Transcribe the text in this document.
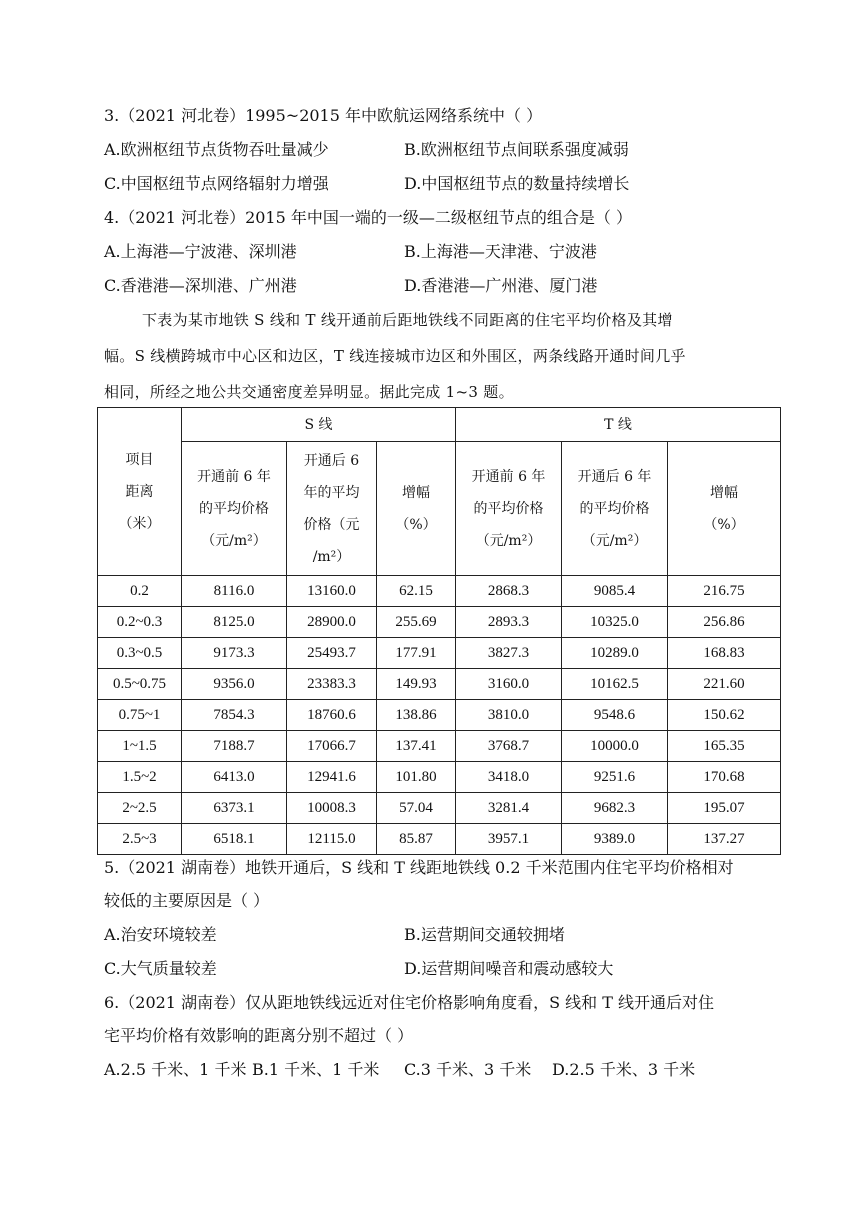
3.（2021 河北卷）1995~2015 年中欧航运网络系统中（ ）
A.欧洲枢纽节点货物吞吐量减少	B.欧洲枢纽节点间联系强度减弱
C.中国枢纽节点网络辐射力增强	D.中国枢纽节点的数量持续增长
4.（2021 河北卷）2015 年中国一端的一级—二级枢纽节点的组合是（ ）
A.上海港—宁波港、深圳港	B.上海港—天津港、宁波港
C.香港港—深圳港、广州港	D.香港港—广州港、厦门港

下表为某市地铁 S 线和 T 线开通前后距地铁线不同距离的住宅平均价格及其增

幅。S 线横跨城市中心区和边区，T 线连接城市边区和外围区，两条线路开通时间几乎

相同，所经之地公共交通密度差异明显。据此完成 1~3 题。

项目
距离
（米）	S 线			T 线		

	开通前 6 年
的平均价格
（元/m²）	开通后 6
年的平均
价格（元
/m²）	增幅
（%）	开通前 6 年
的平均价格
（元/m²）	开通后 6 年
的平均价格
（元/m²）	增幅
（%）

0.2	8116.0	13160.0	62.15	2868.3	9085.4	216.75
0.2~0.3	8125.0	28900.0	255.69	2893.3	10325.0	256.86
0.3~0.5	9173.3	25493.7	177.91	3827.3	10289.0	168.83
0.5~0.75	9356.0	23383.3	149.93	3160.0	10162.5	221.60
0.75~1	7854.3	18760.6	138.86	3810.0	9548.6	150.62
1~1.5	7188.7	17066.7	137.41	3768.7	10000.0	165.35
1.5~2	6413.0	12941.6	101.80	3418.0	9251.6	170.68
2~2.5	6373.1	10008.3	57.04	3281.4	9682.3	195.07
2.5~3	6518.1	12115.0	85.87	3957.1	9389.0	137.27
5.（2021 湖南卷）地铁开通后，S 线和 T 线距地铁线 0.2 千米范围内住宅平均价格相对
较低的主要原因是（ ）
A.治安环境较差	B.运营期间交通较拥堵
C.大气质量较差	D.运营期间噪音和震动感较大
6.（2021 湖南卷）仅从距地铁线远近对住宅价格影响角度看，S 线和 T 线开通后对住
宅平均价格有效影响的距离分别不超过（ ）
A.2.5 千米、1 千米 B.1 千米、1 千米 C.3 千米、3 千米 D.2.5 千米、3 千米
